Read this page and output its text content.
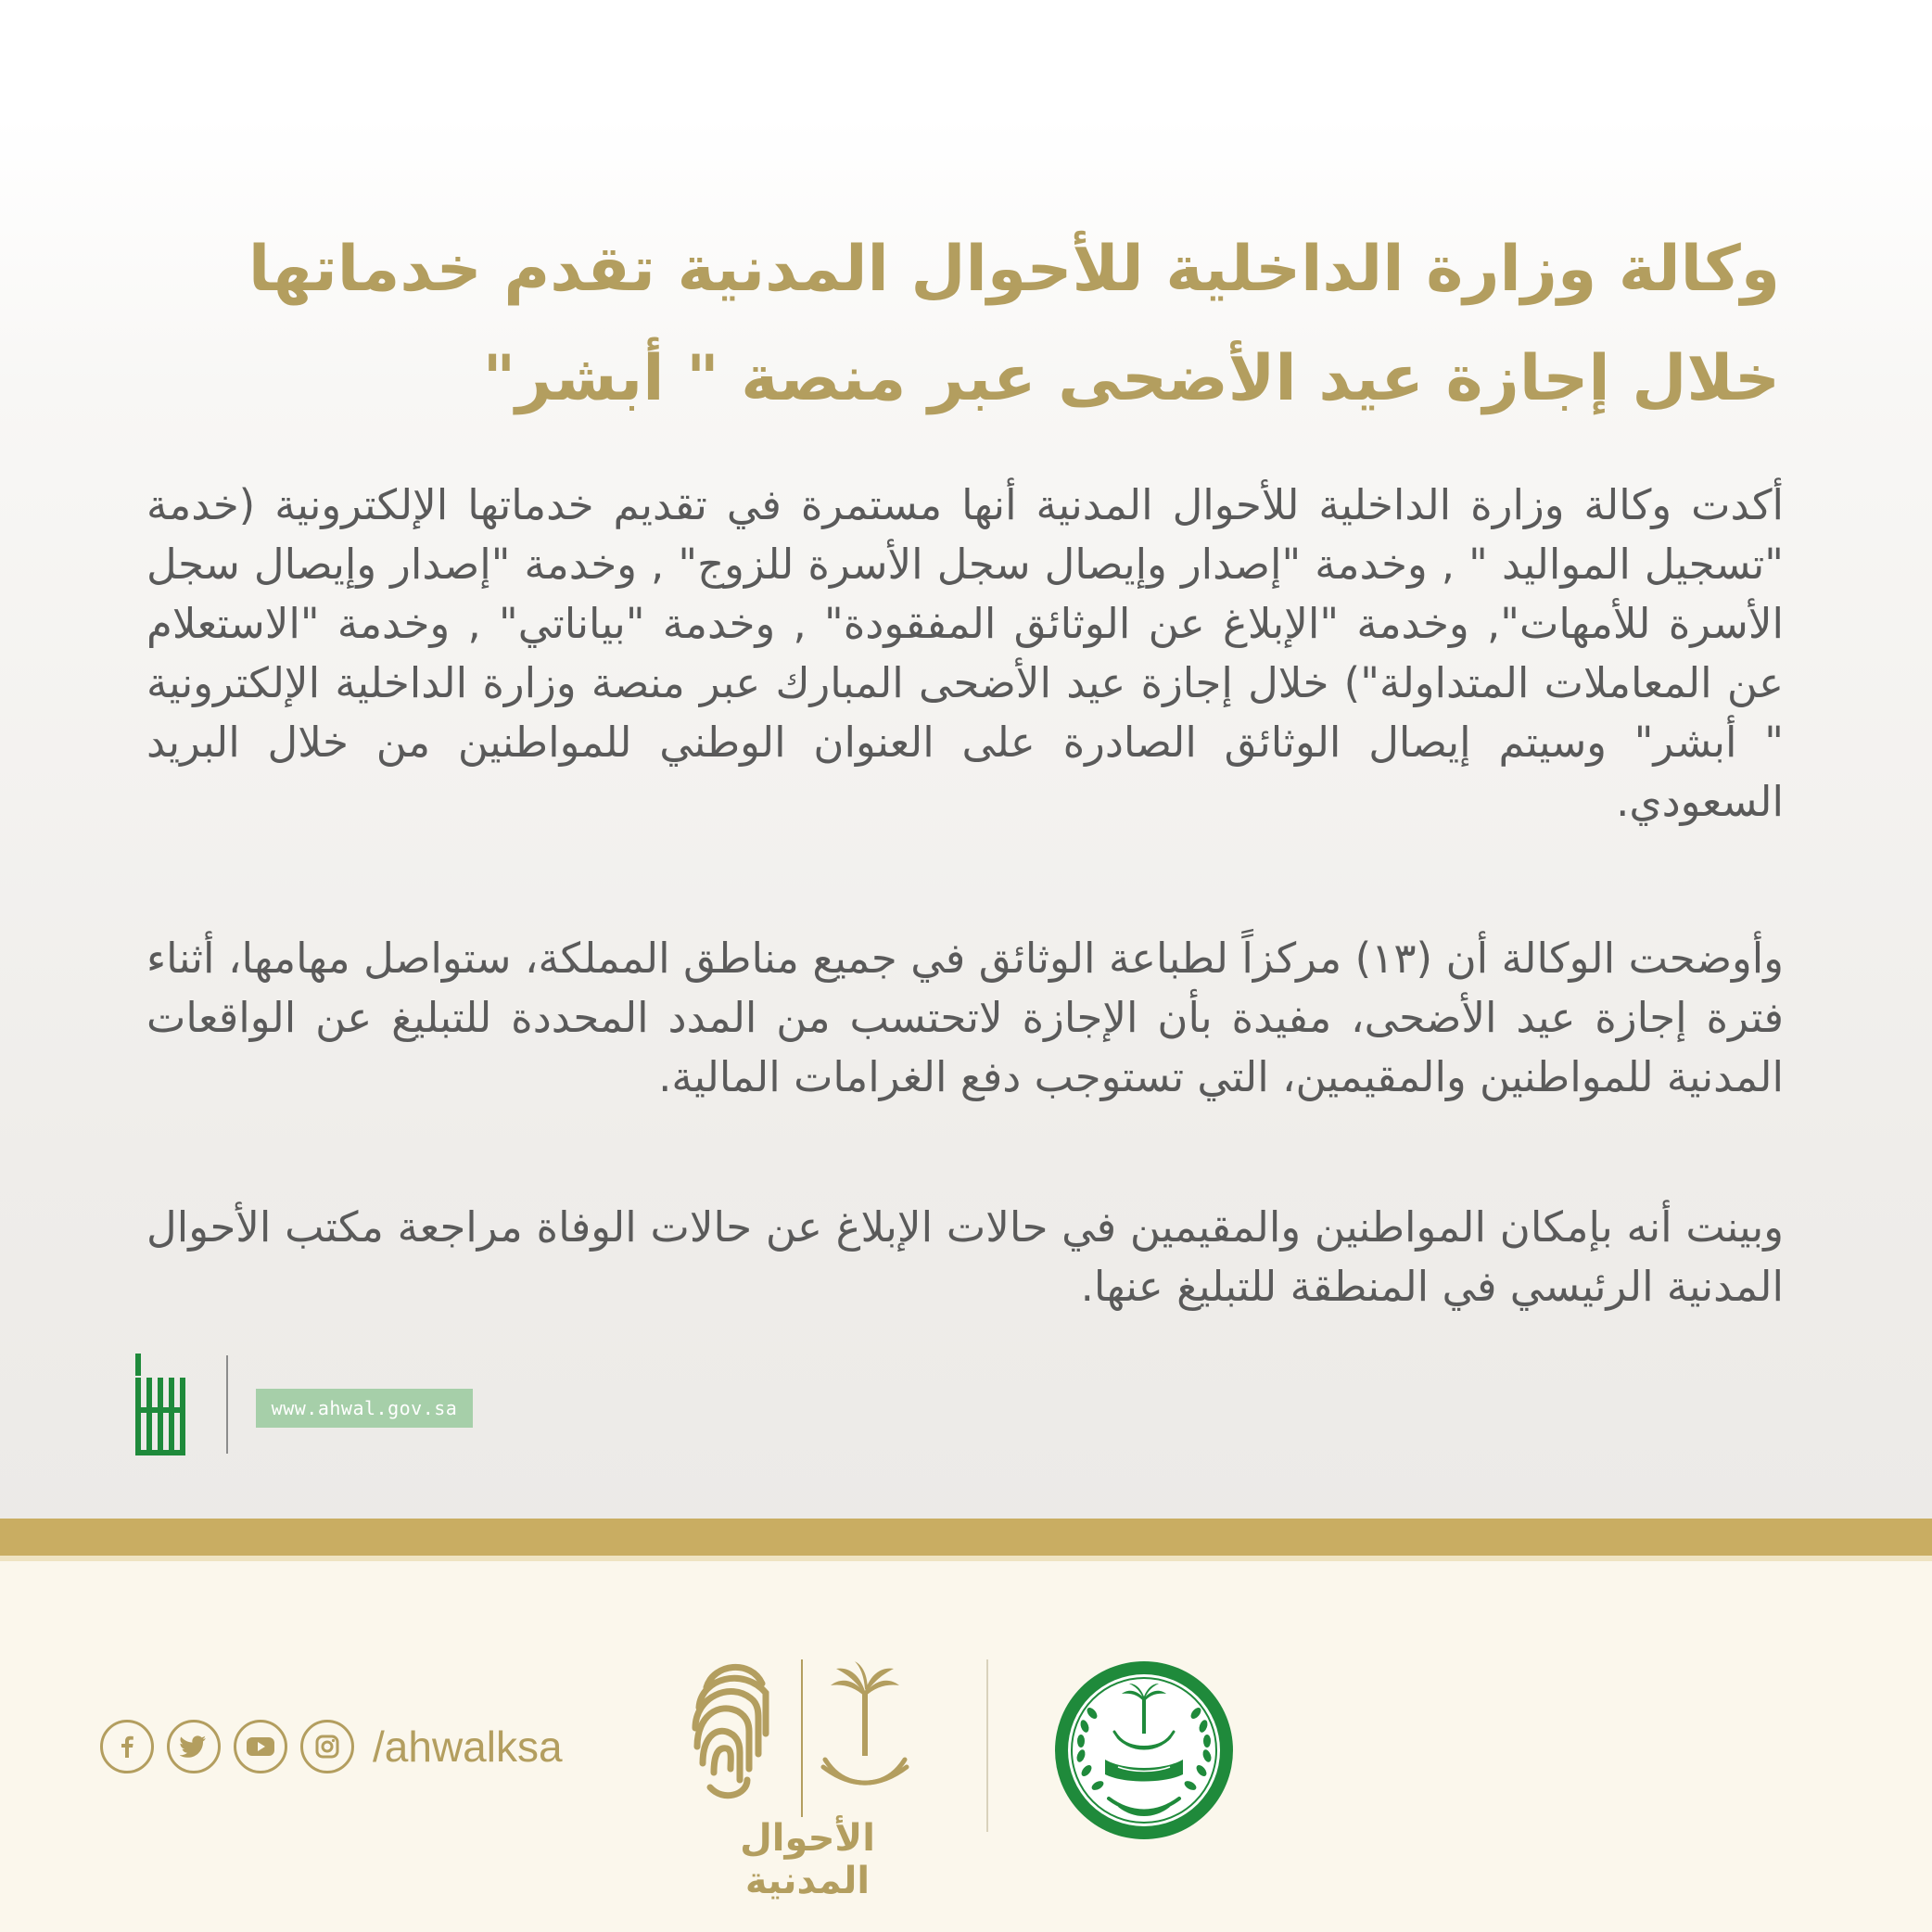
وكالة وزارة الداخلية للأحوال المدنية تقدم خدماتها
خلال إجازة عيد الأضحى عبر منصة " أبشر"

أكدت وكالة وزارة الداخلية للأحوال المدنية أنها مستمرة في تقديم خدماتها الإلكترونية (خدمة "تسجيل المواليد " , وخدمة "إصدار وإيصال سجل الأسرة للزوج" , وخدمة "إصدار وإيصال سجل الأسرة للأمهات", وخدمة "الإبلاغ عن الوثائق المفقودة" , وخدمة "بياناتي" , وخدمة "الاستعلام عن المعاملات المتداولة") خلال إجازة عيد الأضحى المبارك عبر منصة وزارة الداخلية الإلكترونية " أبشر" وسيتم إيصال الوثائق الصادرة على العنوان الوطني للمواطنين من خلال البريد السعودي.

وأوضحت الوكالة أن (١٣) مركزاً لطباعة الوثائق في جميع مناطق المملكة، ستواصل مهامها، أثناء فترة إجازة عيد الأضحى، مفيدة بأن الإجازة لاتحتسب من المدد المحددة للتبليغ عن الواقعات المدنية للمواطنين والمقيمين، التي تستوجب دفع الغرامات المالية.

وبينت أنه بإمكان المواطنين والمقيمين في حالات الإبلاغ عن حالات الوفاة مراجعة مكتب الأحوال المدنية الرئيسي في المنطقة للتبليغ عنها.

www.ahwal.gov.sa
/ahwalksa
الأحوال المدنية
